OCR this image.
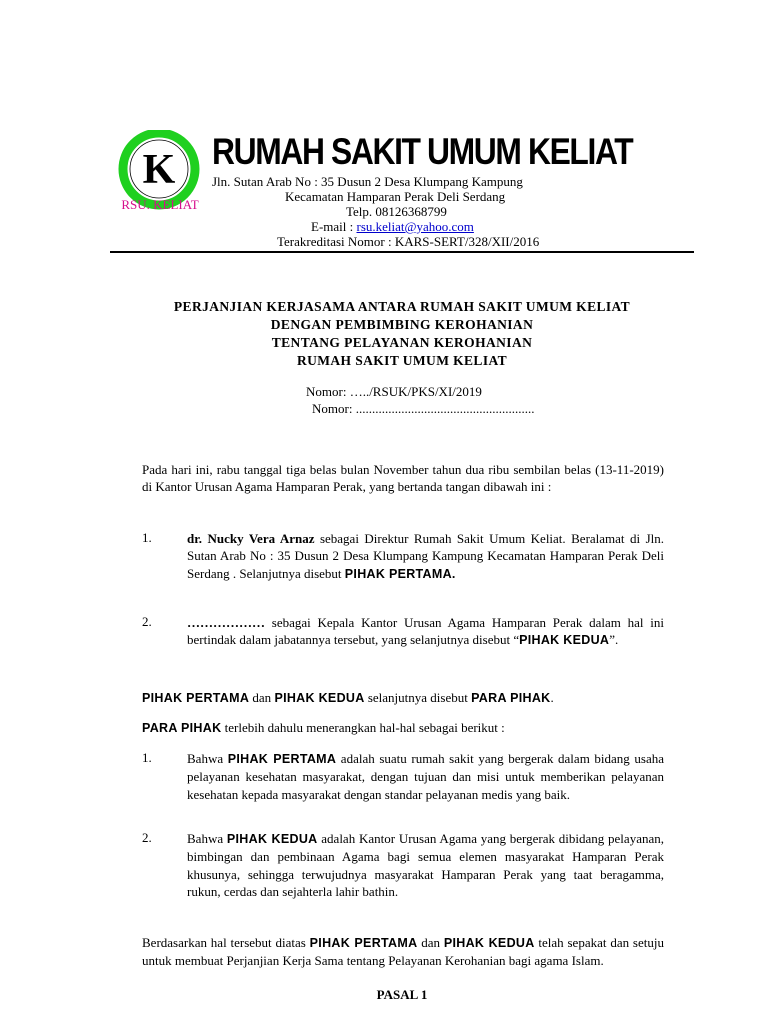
K
RSU. KELIAT
RUMAH SAKIT UMUM KELIAT
Jln. Sutan Arab No : 35 Dusun 2 Desa Klumpang Kampung
Kecamatan Hamparan Perak Deli Serdang
Telp. 08126368799
E-mail : rsu.keliat@yahoo.com
Terakreditasi Nomor : KARS-SERT/328/XII/2016
PERJANJIAN KERJASAMA ANTARA RUMAH SAKIT UMUM KELIAT
DENGAN PEMBIMBING KEROHANIAN
TENTANG PELAYANAN KEROHANIAN
RUMAH SAKIT UMUM KELIAT
Nomor: …../RSUK/PKS/XI/2019
Nomor: .......................................................
Pada hari ini, rabu tanggal tiga belas bulan November tahun dua ribu sembilan belas (13-11-2019) di Kantor Urusan Agama Hamparan Perak, yang bertanda tangan dibawah ini :
1.	dr. Nucky Vera Arnaz sebagai Direktur Rumah Sakit Umum Keliat. Beralamat di Jln. Sutan Arab No : 35 Dusun 2 Desa Klumpang Kampung Kecamatan Hamparan Perak Deli Serdang . Selanjutnya disebut PIHAK PERTAMA.
2.	……………… sebagai Kepala Kantor Urusan Agama Hamparan Perak dalam hal ini bertindak dalam jabatannya tersebut, yang selanjutnya disebut “PIHAK KEDUA”.
PIHAK PERTAMA dan PIHAK KEDUA selanjutnya disebut PARA PIHAK.
PARA PIHAK terlebih dahulu menerangkan hal-hal sebagai berikut :
1.	Bahwa PIHAK PERTAMA adalah suatu rumah sakit yang bergerak dalam bidang usaha pelayanan kesehatan masyarakat, dengan tujuan dan misi untuk memberikan pelayanan kesehatan kepada masyarakat dengan standar pelayanan medis yang baik.
2.	Bahwa PIHAK KEDUA adalah Kantor Urusan Agama yang bergerak dibidang pelayanan, bimbingan dan pembinaan Agama bagi semua elemen masyarakat Hamparan Perak khusunya, sehingga terwujudnya masyarakat Hamparan Perak yang taat beragamma, rukun, cerdas dan sejahterla lahir bathin.
Berdasarkan hal tersebut diatas PIHAK PERTAMA dan PIHAK KEDUA telah sepakat dan setuju untuk membuat Perjanjian Kerja Sama tentang Pelayanan Kerohanian bagi agama Islam.
PASAL 1
